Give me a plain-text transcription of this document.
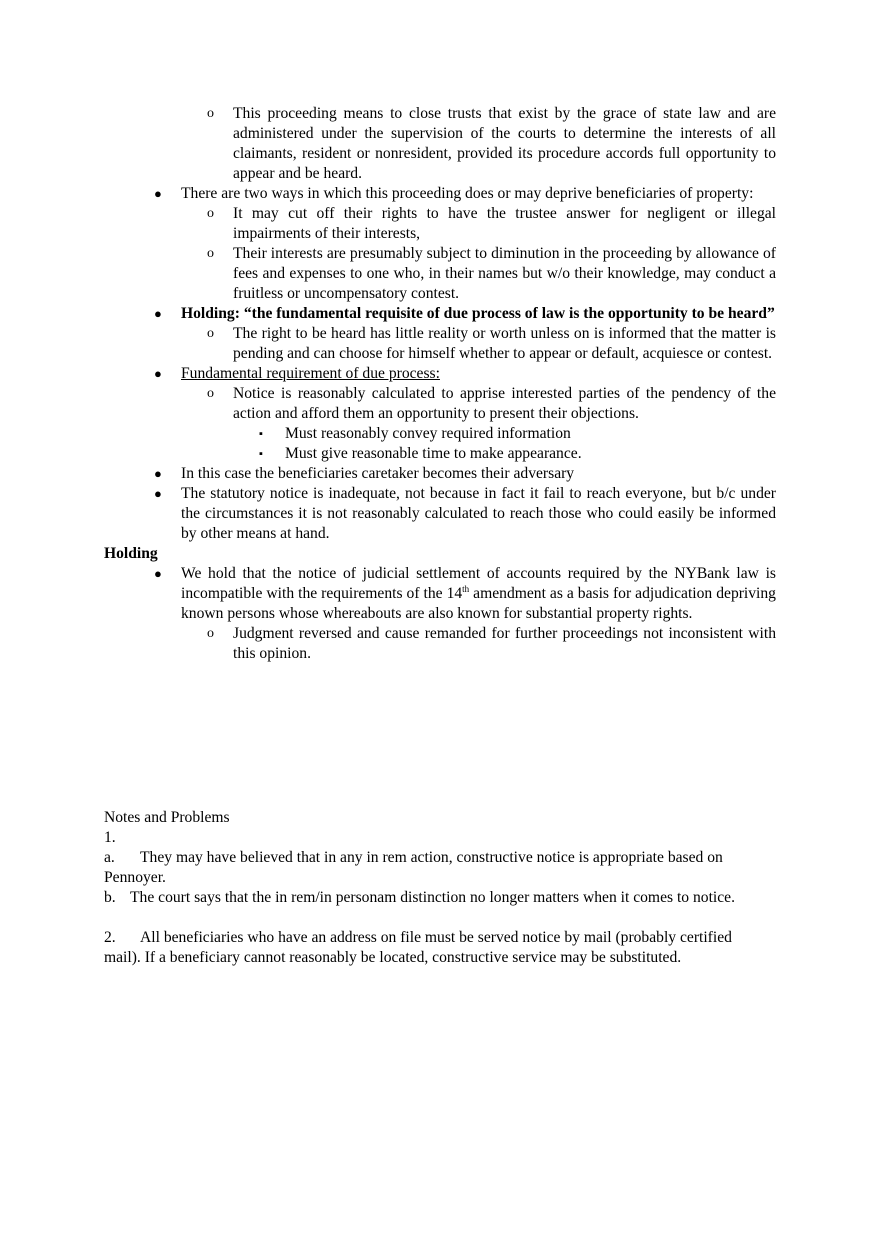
o This proceeding means to close trusts that exist by the grace of state law and are administered under the supervision of the courts to determine the interests of all claimants, resident or nonresident, provided its procedure accords full opportunity to appear and be heard.
● There are two ways in which this proceeding does or may deprive beneficiaries of property:
o It may cut off their rights to have the trustee answer for negligent or illegal impairments of their interests,
o Their interests are presumably subject to diminution in the proceeding by allowance of fees and expenses to one who, in their names but w/o their knowledge, may conduct a fruitless or uncompensatory contest.
● Holding: “the fundamental requisite of due process of law is the opportunity to be heard”
o The right to be heard has little reality or worth unless on is informed that the matter is pending and can choose for himself whether to appear or default, acquiesce or contest.
● Fundamental requirement of due process:
o Notice is reasonably calculated to apprise interested parties of the pendency of the action and afford them an opportunity to present their objections.
▪ Must reasonably convey required information
▪ Must give reasonable time to make appearance.
● In this case the beneficiaries caretaker becomes their adversary
● The statutory notice is inadequate, not because in fact it fail to reach everyone, but b/c under the circumstances it is not reasonably calculated to reach those who could easily be informed by other means at hand.
Holding
● We hold that the notice of judicial settlement of accounts required by the NYBank law is incompatible with the requirements of the 14th amendment as a basis for adjudication depriving known persons whose whereabouts are also known for substantial property rights.
o Judgment reversed and cause remanded for further proceedings not inconsistent with this opinion.
Notes and Problems
1.
a. They may have believed that in any in rem action, constructive notice is appropriate based on Pennoyer.
b. The court says that the in rem/in personam distinction no longer matters when it comes to notice.
2. All beneficiaries who have an address on file must be served notice by mail (probably certified mail). If a beneficiary cannot reasonably be located, constructive service may be substituted.
